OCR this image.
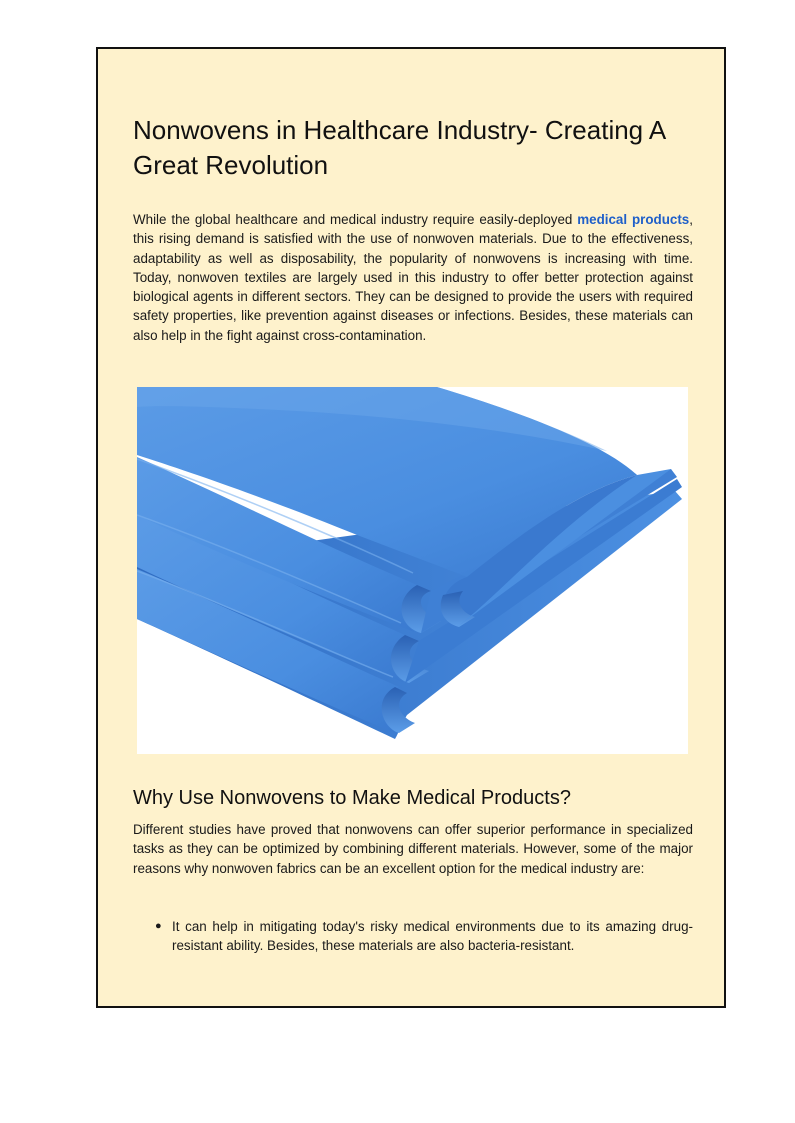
Nonwovens in Healthcare Industry- Creating A Great Revolution

While the global healthcare and medical industry require easily-deployed medical products, this rising demand is satisfied with the use of nonwoven materials. Due to the effectiveness, adaptability as well as disposability, the popularity of nonwovens is increasing with time. Today, nonwoven textiles are largely used in this industry to offer better protection against biological agents in different sectors. They can be designed to provide the users with required safety properties, like prevention against diseases or infections. Besides, these materials can also help in the fight against cross-contamination.

Why Use Nonwovens to Make Medical Products?

Different studies have proved that nonwovens can offer superior performance in specialized tasks as they can be optimized by combining different materials. However, some of the major reasons why nonwoven fabrics can be an excellent option for the medical industry are:

● It can help in mitigating today's risky medical environments due to its amazing drug-resistant ability. Besides, these materials are also bacteria-resistant.
